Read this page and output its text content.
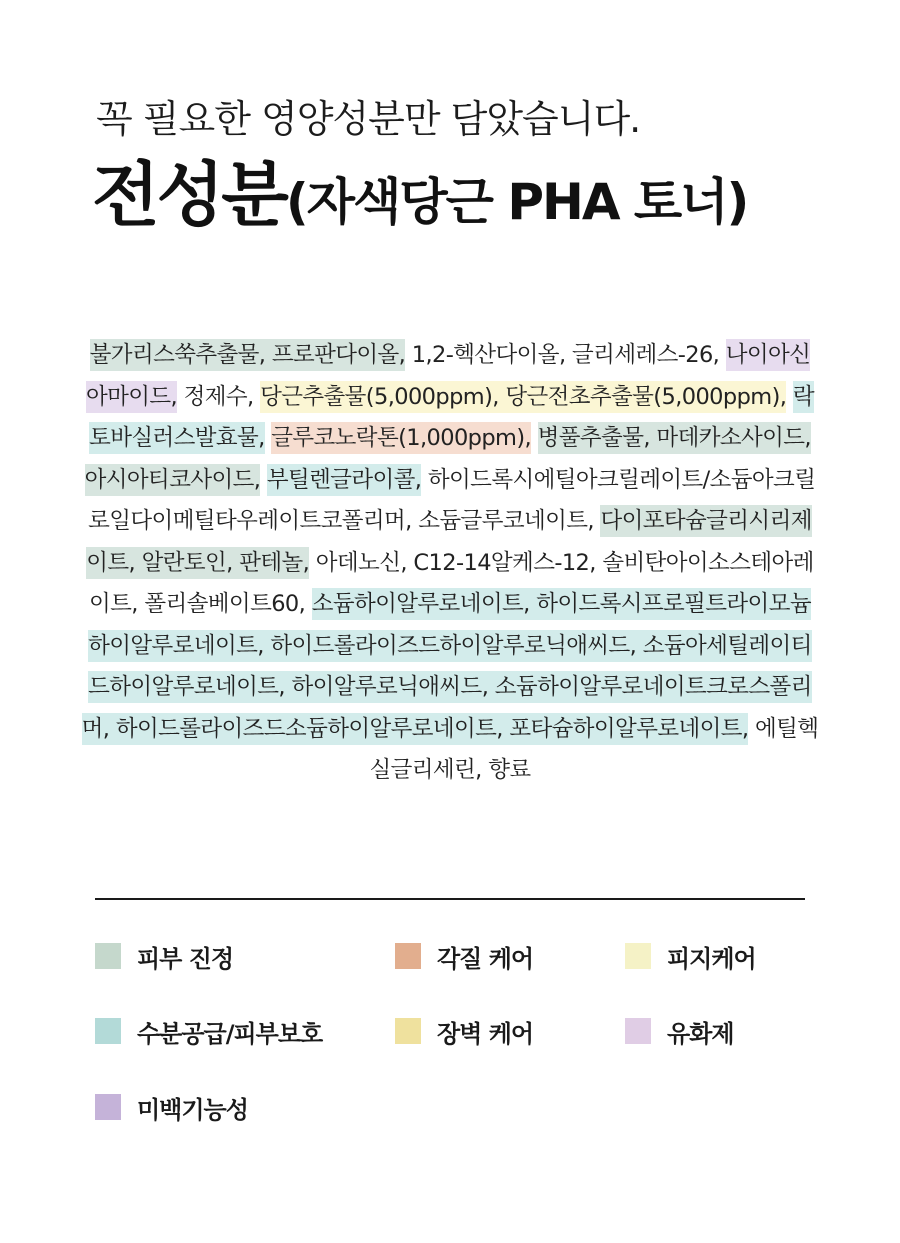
꼭 필요한 영양성분만 담았습니다.
전성분(자색당근 PHA 토너)
불가리스쑥추출물, 프로판다이올, 1,2-헥산다이올, 글리세레스-26, 나이아신아마이드, 정제수, 당근추출물(5,000ppm), 당근전초추출물(5,000ppm), 락토바실러스발효물, 글루코노락톤(1,000ppm), 병풀추출물, 마데카소사이드, 아시아티코사이드, 부틸렌글라이콜, 하이드록시에틸아크릴레이트/소듐아크릴로일다이메틸타우레이트코폴리머, 소듐글루코네이트, 다이포타슘글리시리제이트, 알란토인, 판테놀, 아데노신, C12-14알케스-12, 솔비탄아이소스테아레이트, 폴리솔베이트60, 소듐하이알루로네이트, 하이드록시프로필트라이모늄하이알루로네이트, 하이드롤라이즈드하이알루로닉애씨드, 소듐아세틸레이티드하이알루로네이트, 하이알루로닉애씨드, 소듐하이알루로네이트크로스폴리머, 하이드롤라이즈드소듐하이알루로네이트, 포타슘하이알루로네이트, 에틸헥실글리세린, 향료
피부 진정	각질 케어	피지케어
수분공급/피부보호	장벽 케어	유화제
미백기능성
